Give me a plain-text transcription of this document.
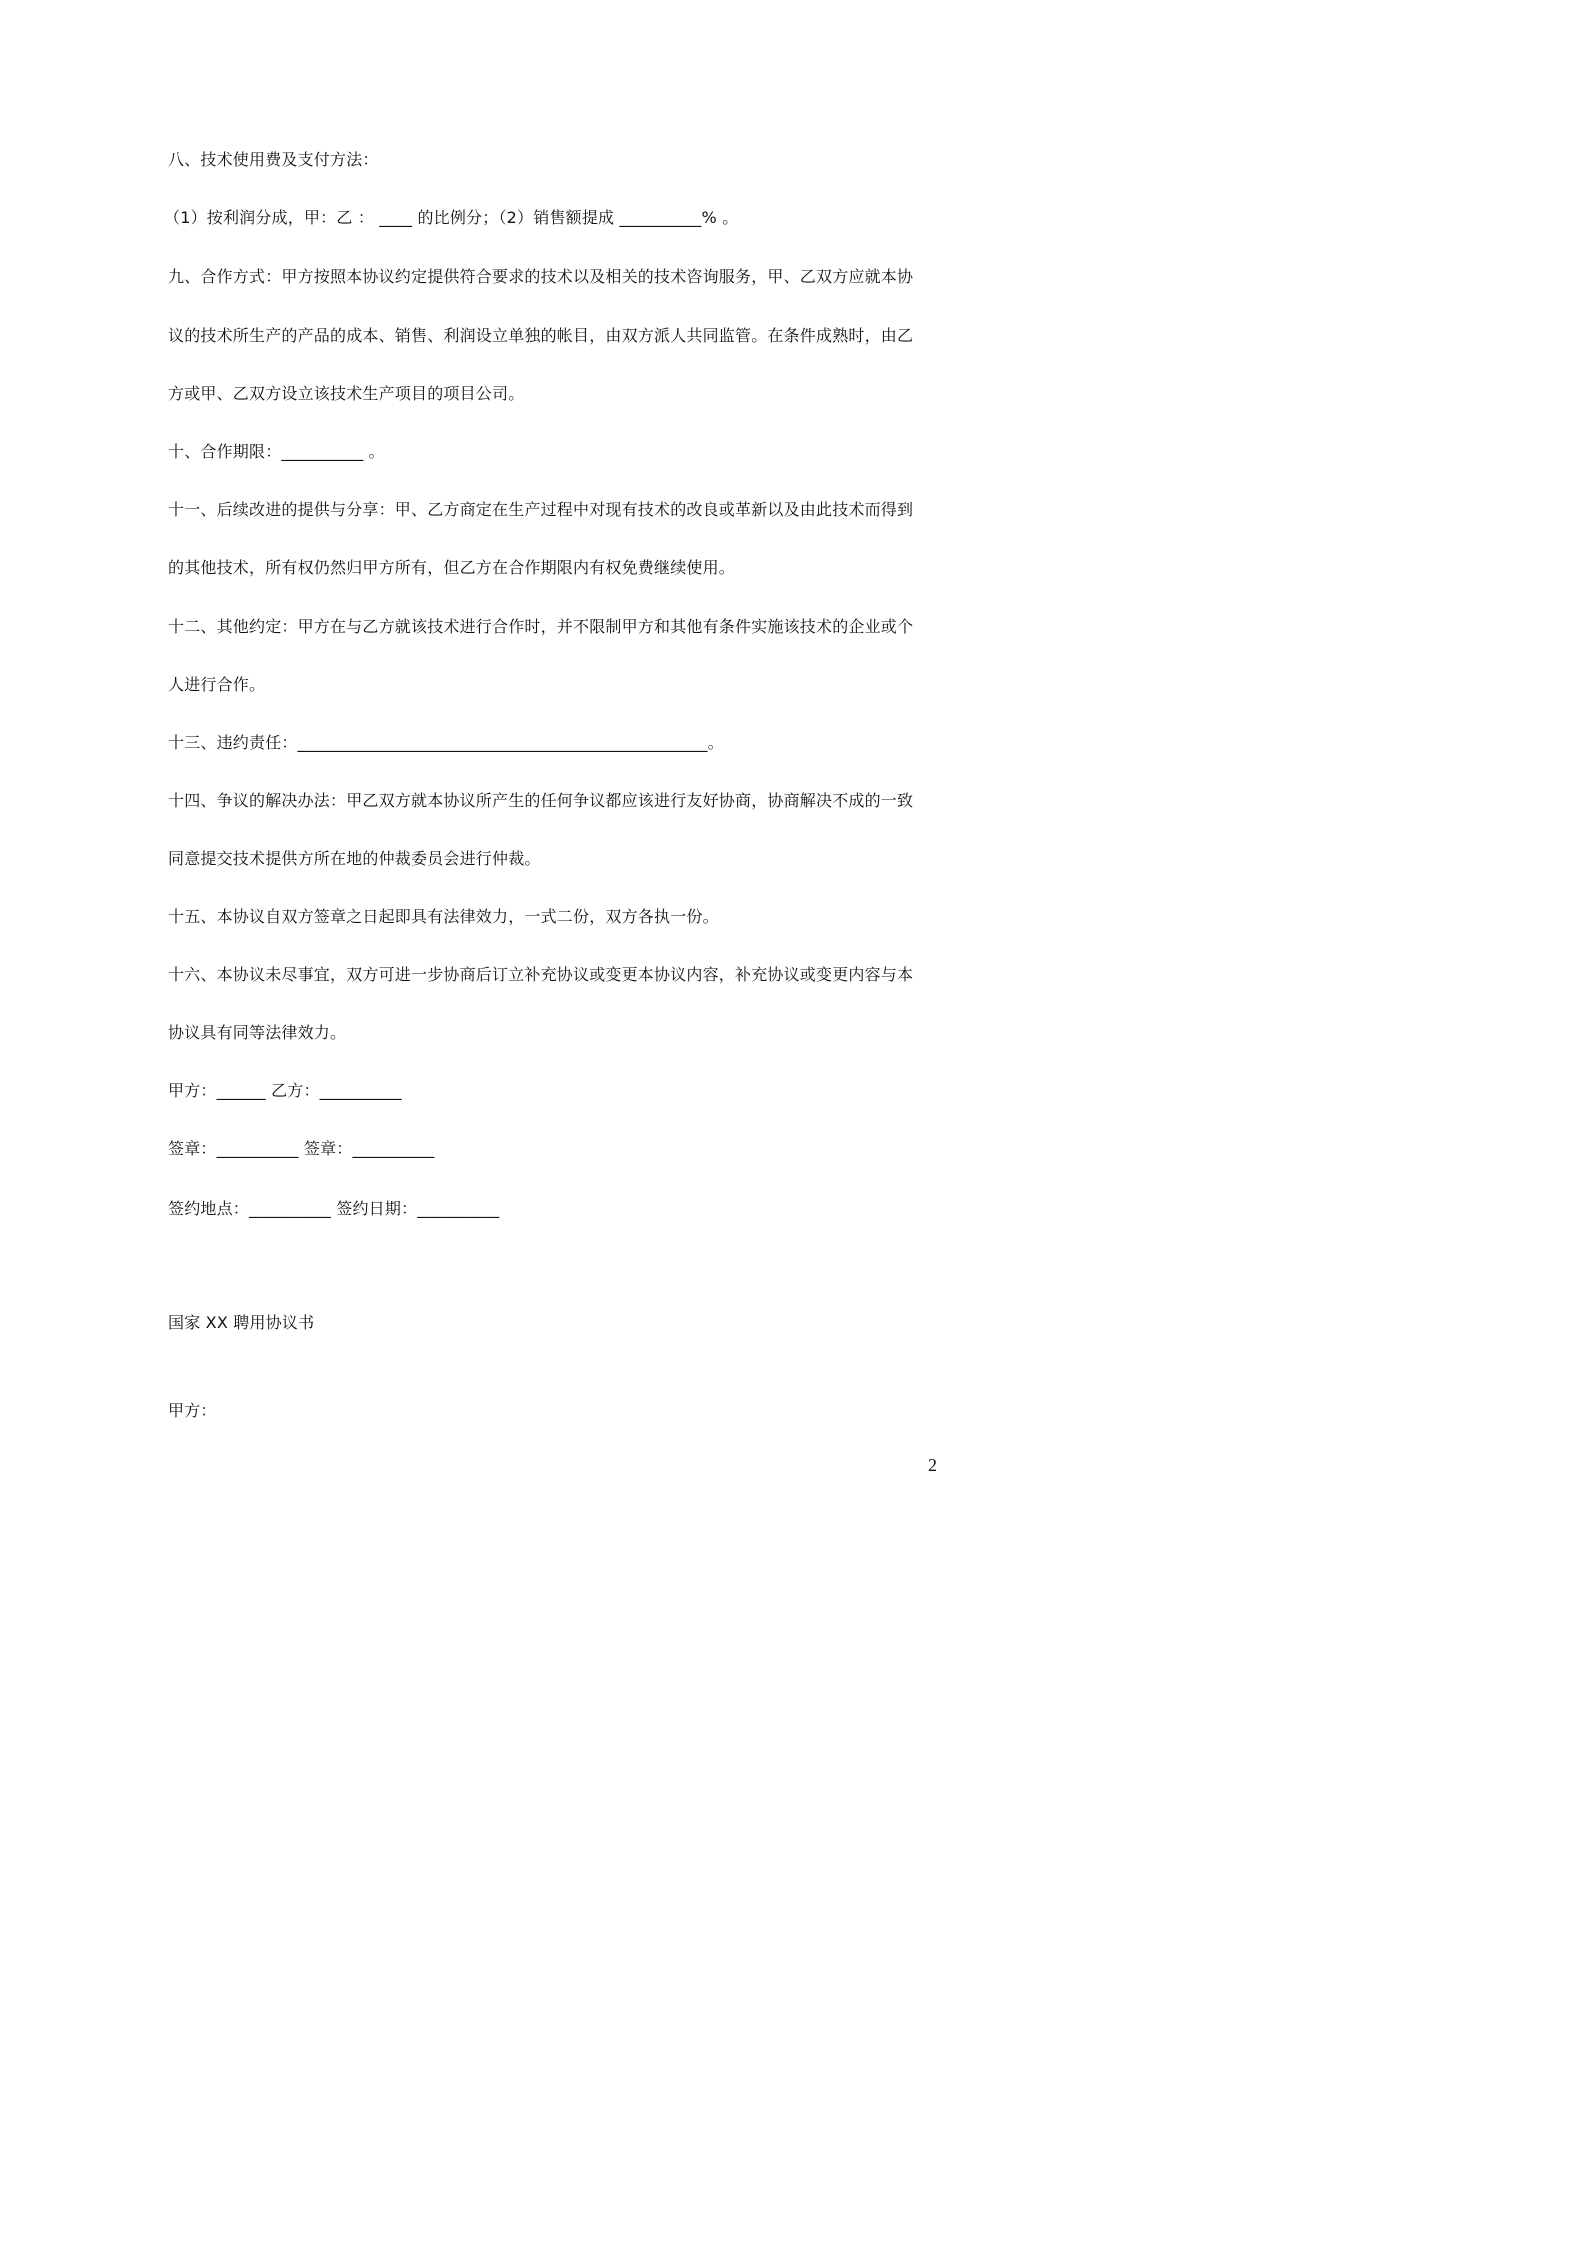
八、技术使用费及支付方法：
（1）按利润分成，甲：乙 ： ____ 的比例分；（2）销售额提成 __________% 。
九、合作方式：甲方按照本协议约定提供符合要求的技术以及相关的技术咨询服务，甲、乙双方应就本协
议的技术所生产的产品的成本、销售、利润设立单独的帐目，由双方派人共同监管。在条件成熟时，由乙
方或甲、乙双方设立该技术生产项目的项目公司。
十、合作期限：__________ 。
十一、后续改进的提供与分享：甲、乙方商定在生产过程中对现有技术的改良或革新以及由此技术而得到
的其他技术，所有权仍然归甲方所有，但乙方在合作期限内有权免费继续使用。
十二、其他约定：甲方在与乙方就该技术进行合作时，并不限制甲方和其他有条件实施该技术的企业或个
人进行合作。
十三、违约责任：__________________________________________________。
十四、争议的解决办法：甲乙双方就本协议所产生的任何争议都应该进行友好协商，协商解决不成的一致
同意提交技术提供方所在地的仲裁委员会进行仲裁。
十五、本协议自双方签章之日起即具有法律效力，一式二份，双方各执一份。
十六、本协议未尽事宜，双方可进一步协商后订立补充协议或变更本协议内容，补充协议或变更内容与本
协议具有同等法律效力。
甲方：______ 乙方：__________
签章：__________ 签章：__________
签约地点：__________ 签约日期：__________
国家 XX 聘用协议书
甲方：
2
